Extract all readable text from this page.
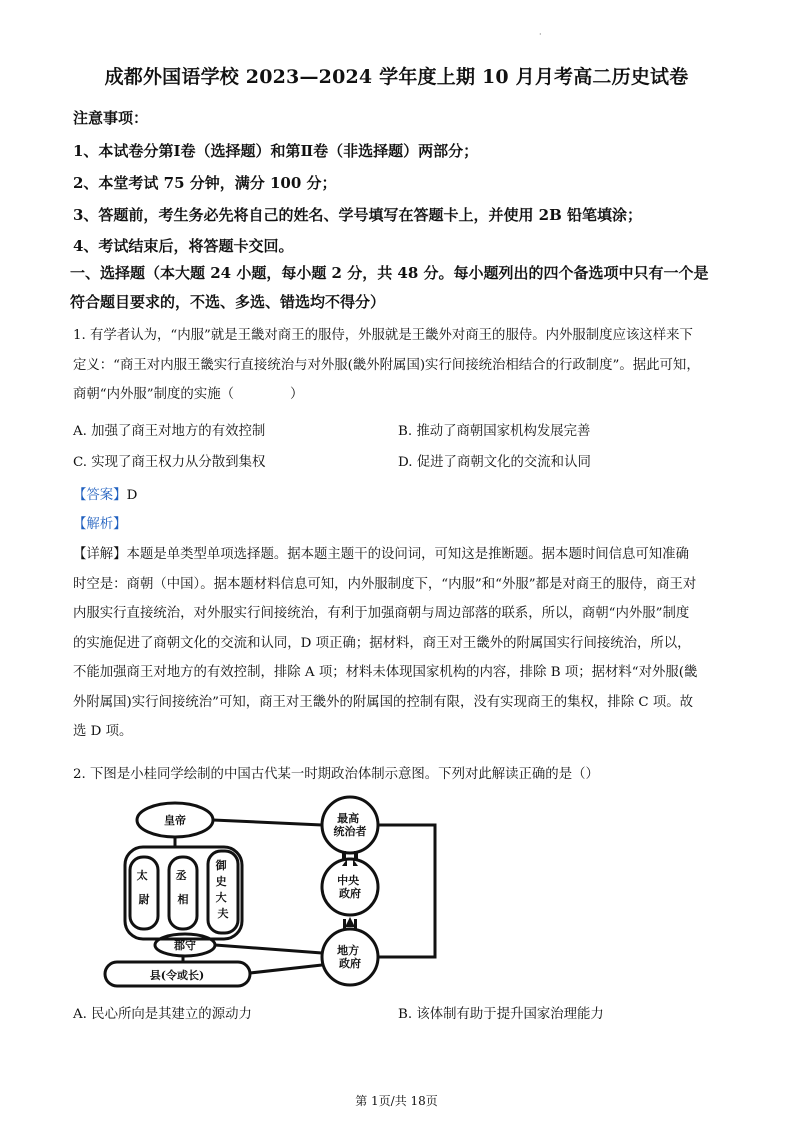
·
成都外国语学校 2023—2024 学年度上期 10 月月考高二历史试卷
注意事项：
1、本试卷分第Ⅰ卷（选择题）和第Ⅱ卷（非选择题）两部分；
2、本堂考试 75 分钟，满分 100 分；
3、答题前，考生务必先将自己的姓名、学号填写在答题卡上，并使用 2B 铅笔填涂；
4、考试结束后，将答题卡交回。
一、选择题（本大题 24 小题，每小题 2 分，共 48 分。每小题列出的四个备选项中只有一个是
符合题目要求的，不选、多选、错选均不得分）
1. 有学者认为，“内服”就是王畿对商王的服侍，外服就是王畿外对商王的服侍。内外服制度应该这样来下
定义：“商王对内服王畿实行直接统治与对外服(畿外附属国)实行间接统治相结合的行政制度”。据此可知，
商朝“内外服”制度的实施（	）
A. 加强了商王对地方的有效控制	B. 推动了商朝国家机构发展完善
C. 实现了商王权力从分散到集权	D. 促进了商朝文化的交流和认同
【答案】D
【解析】
【详解】本题是单类型单项选择题。据本题主题干的设问词，可知这是推断题。据本题时间信息可知准确
时空是：商朝（中国）。据本题材料信息可知，内外服制度下，“内服”和“外服”都是对商王的服侍，商王对
内服实行直接统治，对外服实行间接统治，有利于加强商朝与周边部落的联系，所以，商朝“内外服”制度
的实施促进了商朝文化的交流和认同，D 项正确；据材料，商王对王畿外的附属国实行间接统治，所以，
不能加强商王对地方的有效控制，排除 A 项；材料未体现国家机构的内容，排除 B 项；据材料“对外服(畿
外附属国)实行间接统治”可知，商王对王畿外的附属国的控制有限，没有实现商王的集权，排除 C 项。故
选 D 项。
2. 下图是小桂同学绘制的中国古代某一时期政治体制示意图。下列对此解读正确的是（）
皇帝
太 尉
丞 相
御 史 大 夫
郡守
县(令或长)
最高 统治者
中央 政府
地方 政府
A. 民心所向是其建立的源动力	B. 该体制有助于提升国家治理能力
第 1页/共 18页
